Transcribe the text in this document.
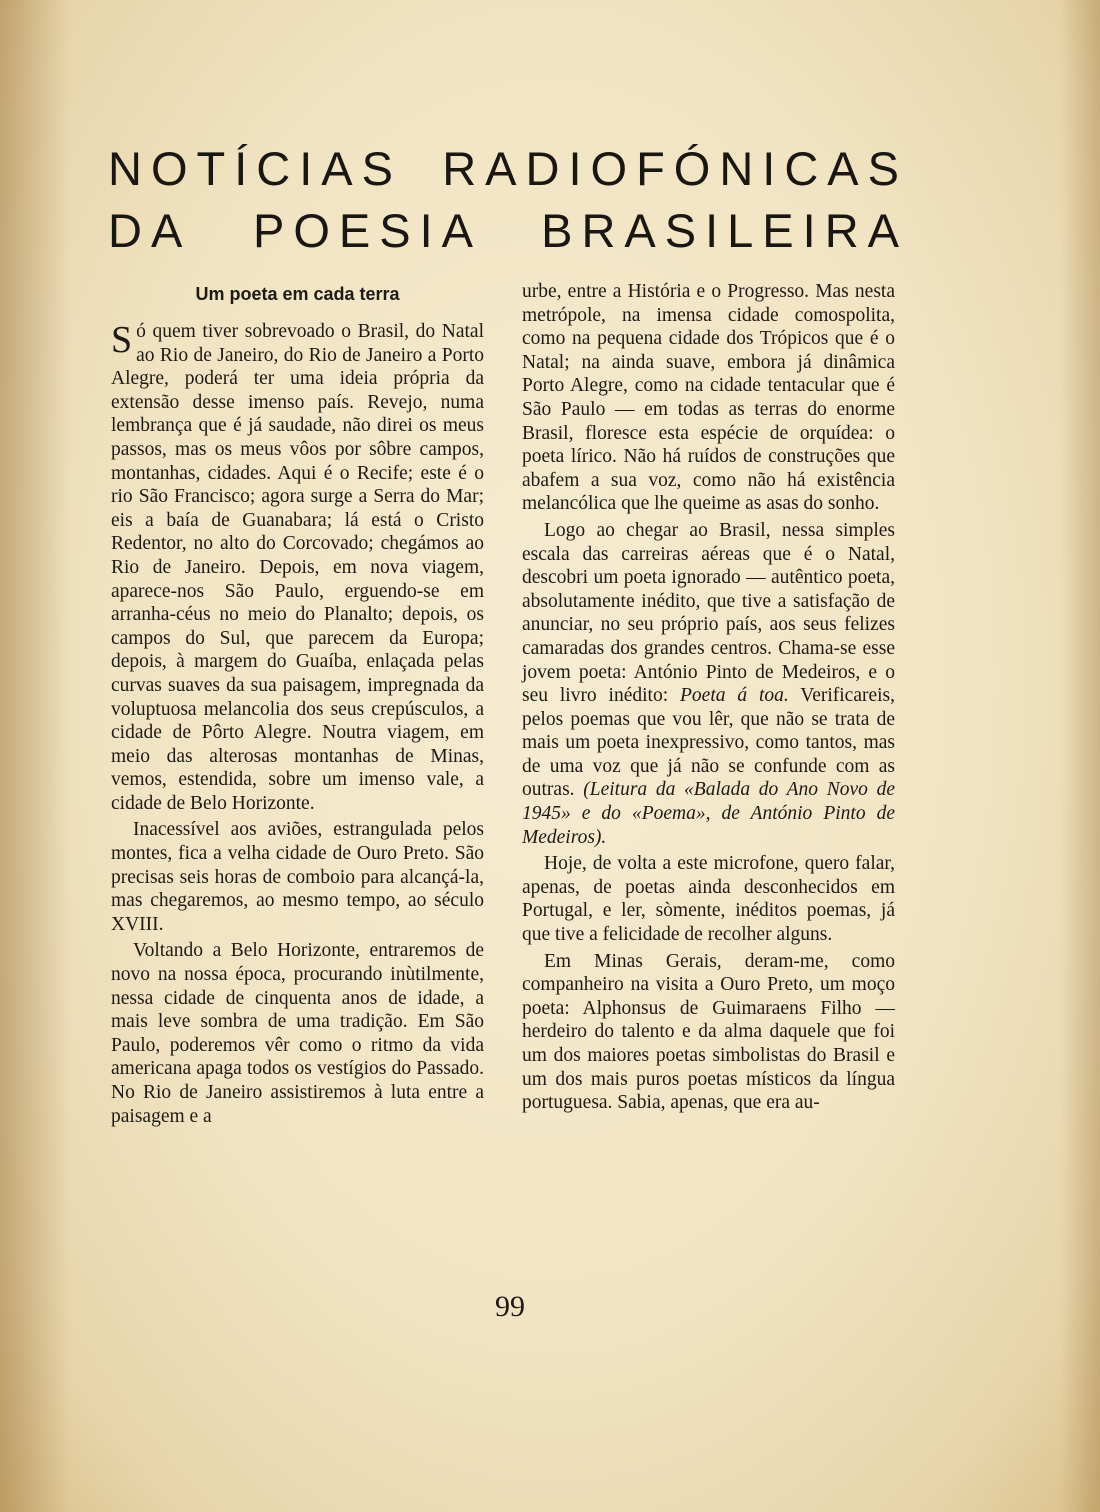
NOTÍCIAS RADIOFÓNICAS
DA POESIA BRASILEIRA
Um poeta em cada terra

Só quem tiver sobrevoado o Brasil, do Natal ao Rio de Janeiro, do Rio de Janeiro a Porto Alegre, poderá ter uma ideia própria da extensão desse imenso país. Revejo, numa lembrança que é já saudade, não direi os meus passos, mas os meus vôos por sôbre campos, montanhas, cidades. Aqui é o Recife; este é o rio São Francisco; agora surge a Serra do Mar; eis a baía de Guanabara; lá está o Cristo Redentor, no alto do Corcovado; chegámos ao Rio de Janeiro. Depois, em nova viagem, aparece-nos São Paulo, erguendo-se em arranha-céus no meio do Planalto; depois, os campos do Sul, que parecem da Europa; depois, à margem do Guaíba, enlaçada pelas curvas suaves da sua paisagem, impregnada da voluptuosa melancolia dos seus crepúsculos, a cidade de Pôrto Alegre. Noutra viagem, em meio das alterosas montanhas de Minas, vemos, estendida, sobre um imenso vale, a cidade de Belo Horizonte.

Inacessível aos aviões, estrangulada pelos montes, fica a velha cidade de Ouro Preto. São precisas seis horas de comboio para alcançá-la, mas chegaremos, ao mesmo tempo, ao século XVIII.

Voltando a Belo Horizonte, entraremos de novo na nossa época, procurando inùtilmente, nessa cidade de cinquenta anos de idade, a mais leve sombra de uma tradição. Em São Paulo, poderemos vêr como o ritmo da vida americana apaga todos os vestígios do Passado. No Rio de Janeiro assistiremos à luta entre a paisagem e a

urbe, entre a História e o Progresso. Mas nesta metrópole, na imensa cidade comospolita, como na pequena cidade dos Trópicos que é o Natal; na ainda suave, embora já dinâmica Porto Alegre, como na cidade tentacular que é São Paulo — em todas as terras do enorme Brasil, floresce esta espécie de orquídea: o poeta lírico. Não há ruídos de construções que abafem a sua voz, como não há existência melancólica que lhe queime as asas do sonho.

Logo ao chegar ao Brasil, nessa simples escala das carreiras aéreas que é o Natal, descobri um poeta ignorado — autêntico poeta, absolutamente inédito, que tive a satisfação de anunciar, no seu próprio país, aos seus felizes camaradas dos grandes centros. Chama-se esse jovem poeta: António Pinto de Medeiros, e o seu livro inédito: Poeta á toa. Verificareis, pelos poemas que vou lêr, que não se trata de mais um poeta inexpressivo, como tantos, mas de uma voz que já não se confunde com as outras. (Leitura da «Balada do Ano Novo de 1945» e do «Poema», de António Pinto de Medeiros).

Hoje, de volta a este microfone, quero falar, apenas, de poetas ainda desconhecidos em Portugal, e ler, sòmente, inéditos poemas, já que tive a felicidade de recolher alguns.

Em Minas Gerais, deram-me, como companheiro na visita a Ouro Preto, um moço poeta: Alphonsus de Guimaraens Filho — herdeiro do talento e da alma daquele que foi um dos maiores poetas simbolistas do Brasil e um dos mais puros poetas místicos da língua portuguesa. Sabia, apenas, que era au-

99
